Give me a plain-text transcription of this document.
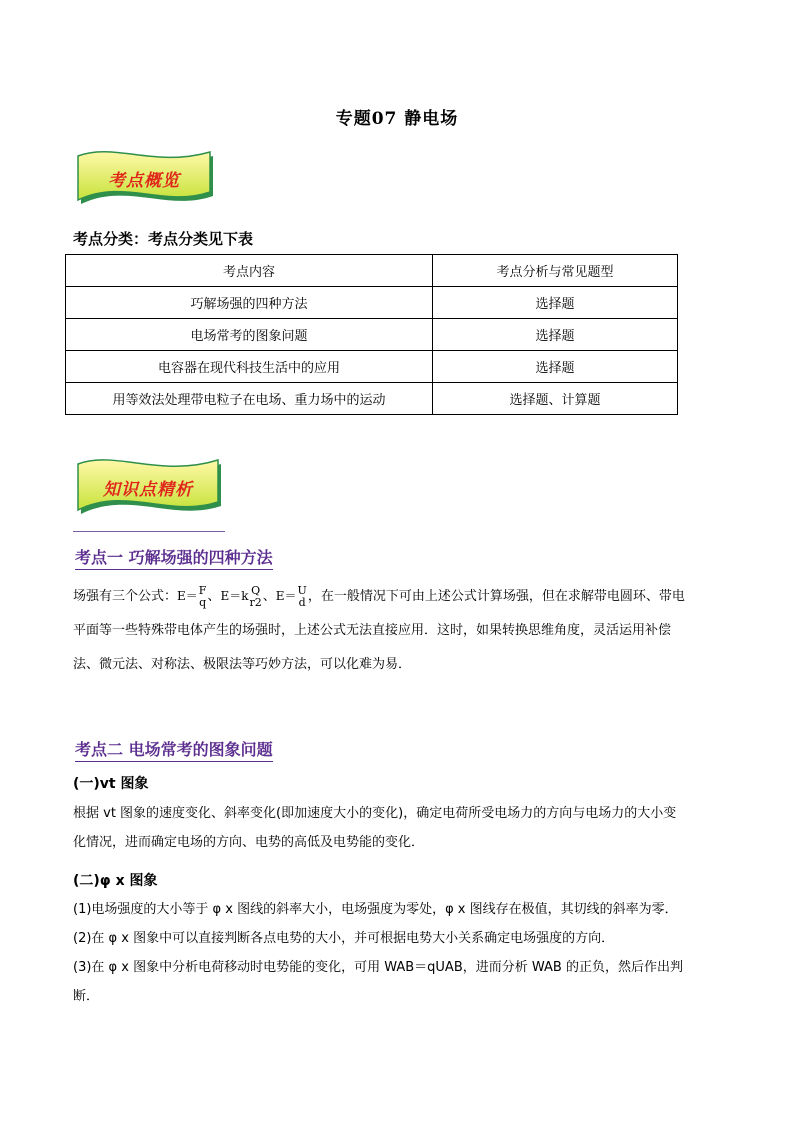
专题07 静电场
考点概览
考点分类：考点分类见下表
考点内容	考点分析与常见题型
巧解场强的四种方法	选择题
电场常考的图象问题	选择题
电容器在现代科技生活中的应用	选择题
用等效法处理带电粒子在电场、重力场中的运动	选择题、计算题
知识点精析
考点一 巧解场强的四种方法
场强有三个公式：E＝ F
q 、E＝k Q
r2 、E＝ U
d ，在一般情况下可由上述公式计算场强，但在求解带电圆环、带电
平面等一些特殊带电体产生的场强时，上述公式无法直接应用．这时，如果转换思维角度，灵活运用补偿
法、微元法、对称法、极限法等巧妙方法，可以化难为易．
考点二 电场常考的图象问题
(一)vt 图象
根据 vt 图象的速度变化、斜率变化(即加速度大小的变化)，确定电荷所受电场力的方向与电场力的大小变
化情况，进而确定电场的方向、电势的高低及电势能的变化．
(二)φ x 图象
(1)电场强度的大小等于 φ x 图线的斜率大小，电场强度为零处，φ x 图线存在极值，其切线的斜率为零．
(2)在 φ x 图象中可以直接判断各点电势的大小，并可根据电势大小关系确定电场强度的方向．
(3)在 φ x 图象中分析电荷移动时电势能的变化，可用 WAB＝qUAB，进而分析 WAB 的正负，然后作出判
断．
